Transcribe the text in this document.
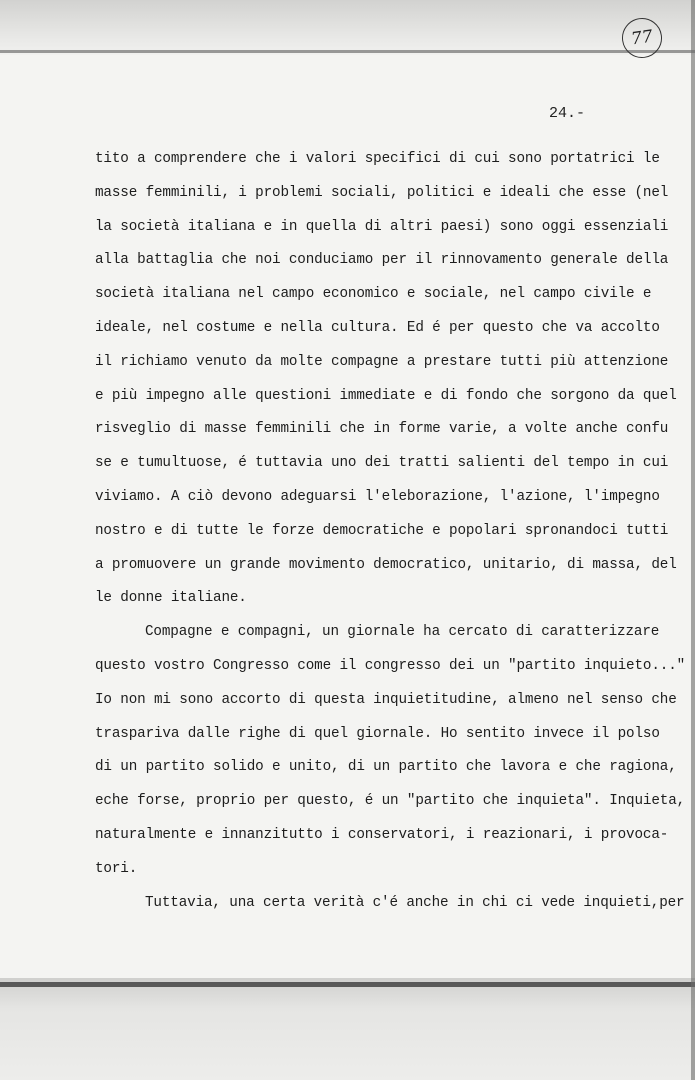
77
24.-
tito a comprendere che i valori specifici di cui sono portatrici le
masse femminili, i problemi sociali, politici e ideali che esse (nel
la società italiana e in quella di altri paesi) sono oggi essenziali
alla battaglia che noi conduciamo per il rinnovamento generale della
società italiana nel campo economico e sociale, nel campo civile e
ideale, nel costume e nella cultura. Ed é per questo che va accolto
il richiamo venuto da molte compagne a prestare tutti più attenzione
e più impegno alle questioni immediate e di fondo che sorgono da quel
risveglio di masse femminili che in forme varie, a volte anche confu
se e tumultuose, é tuttavia uno dei tratti salienti del tempo in cui
viviamo. A ciò devono adeguarsi l'eleborazione, l'azione, l'impegno
nostro e di tutte le forze democratiche e popolari spronandoci tutti
a promuovere un grande movimento democratico, unitario, di massa, del
le donne italiane.
Compagne e compagni, un giornale ha cercato di caratterizzare
questo vostro Congresso come il congresso dei un "partito inquieto..."
Io non mi sono accorto di questa inquietitudine, almeno nel senso che
traspariva dalle righe di quel giornale. Ho sentito invece il polso
di un partito solido e unito, di un partito che lavora e che ragiona,
eche forse, proprio per questo, é un "partito che inquieta". Inquieta,
naturalmente e innanzitutto i conservatori, i reazionari, i provoca-
tori.
Tuttavia, una certa verità c'é anche in chi ci vede inquieti,per
